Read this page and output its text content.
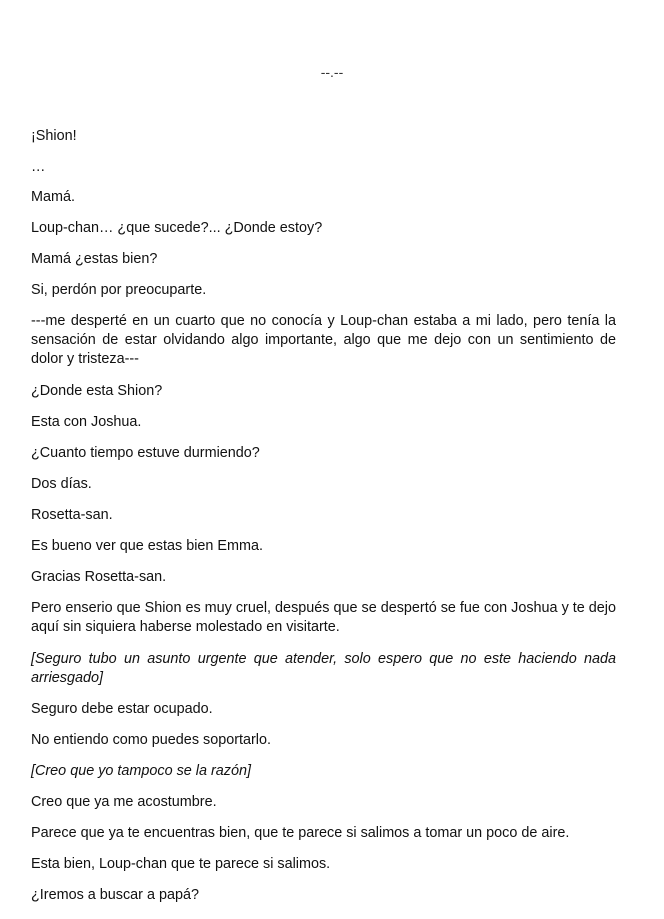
--.--

¡Shion!

…

Mamá.

Loup-chan… ¿que sucede?... ¿Donde estoy?

Mamá ¿estas bien?

Si, perdón por preocuparte.

---me desperté en un cuarto que no conocía y Loup-chan estaba a mi lado, pero tenía la sensación de estar olvidando algo importante, algo que me dejo con un sentimiento de dolor y tristeza---

¿Donde esta Shion?

Esta con Joshua.

¿Cuanto tiempo estuve durmiendo?

Dos días.

Rosetta-san.

Es bueno ver que estas bien Emma.

Gracias Rosetta-san.

Pero enserio que Shion es muy cruel, después que se despertó se fue con Joshua y te dejo aquí sin siquiera haberse molestado en visitarte.

[Seguro tubo un asunto urgente que atender, solo espero que no este haciendo nada arriesgado]

Seguro debe estar ocupado.

No entiendo como puedes soportarlo.

[Creo que yo tampoco se la razón]

Creo que ya me acostumbre.

Parece que ya te encuentras bien, que te parece si salimos a tomar un poco de aire.

Esta bien, Loup-chan que te parece si salimos.

¿Iremos a buscar a papá?
